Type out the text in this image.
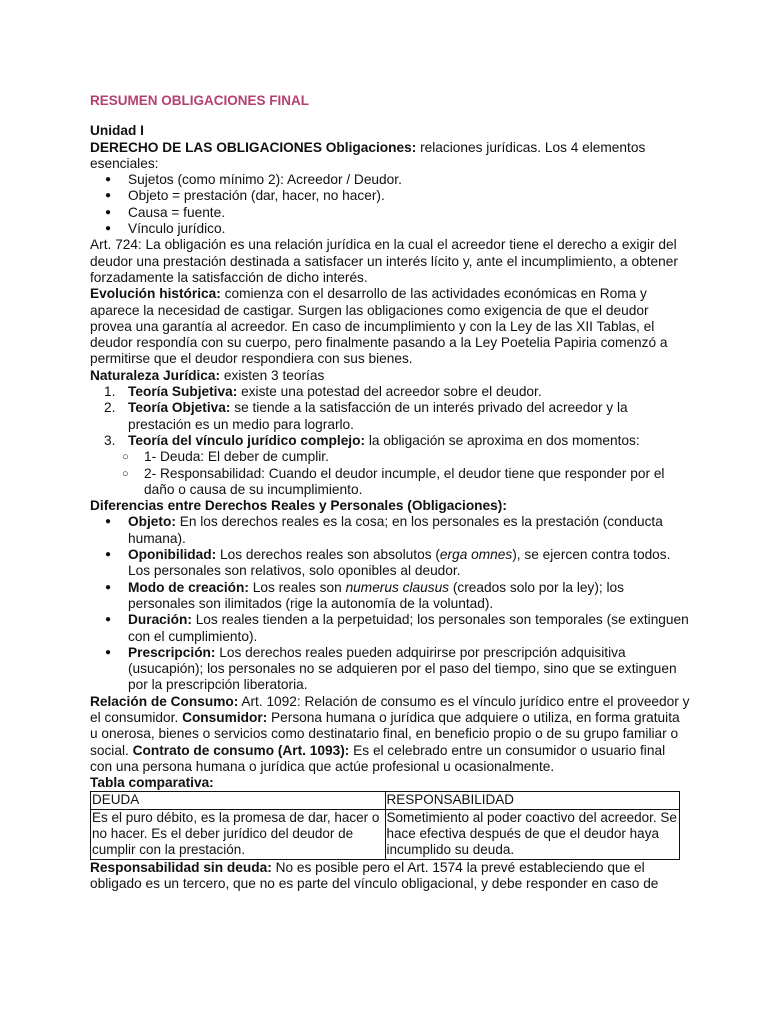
RESUMEN OBLIGACIONES FINAL

Unidad I

DERECHO DE LAS OBLIGACIONES Obligaciones: relaciones jurídicas. Los 4 elementos esenciales:

● Sujetos (como mínimo 2): Acreedor / Deudor.
● Objeto = prestación (dar, hacer, no hacer).
● Causa = fuente.
● Vínculo jurídico.

Art. 724: La obligación es una relación jurídica en la cual el acreedor tiene el derecho a exigir del deudor una prestación destinada a satisfacer un interés lícito y, ante el incumplimiento, a obtener forzadamente la satisfacción de dicho interés.

Evolución histórica: comienza con el desarrollo de las actividades económicas en Roma y aparece la necesidad de castigar. Surgen las obligaciones como exigencia de que el deudor provea una garantía al acreedor. En caso de incumplimiento y con la Ley de las XII Tablas, el deudor respondía con su cuerpo, pero finalmente pasando a la Ley Poetelia Papiria comenzó a permitirse que el deudor respondiera con sus bienes.

Naturaleza Jurídica: existen 3 teorías

1. Teoría Subjetiva: existe una potestad del acreedor sobre el deudor.
2. Teoría Objetiva: se tiende a la satisfacción de un interés privado del acreedor y la prestación es un medio para lograrlo.
3. Teoría del vínculo jurídico complejo: la obligación se aproxima en dos momentos:
○ 1- Deuda: El deber de cumplir.
○ 2- Responsabilidad: Cuando el deudor incumple, el deudor tiene que responder por el daño o causa de su incumplimiento.

Diferencias entre Derechos Reales y Personales (Obligaciones):

● Objeto: En los derechos reales es la cosa; en los personales es la prestación (conducta humana).
● Oponibilidad: Los derechos reales son absolutos (erga omnes), se ejercen contra todos. Los personales son relativos, solo oponibles al deudor.
● Modo de creación: Los reales son numerus clausus (creados solo por la ley); los personales son ilimitados (rige la autonomía de la voluntad).
● Duración: Los reales tienden a la perpetuidad; los personales son temporales (se extinguen con el cumplimiento).
● Prescripción: Los derechos reales pueden adquirirse por prescripción adquisitiva (usucapión); los personales no se adquieren por el paso del tiempo, sino que se extinguen por la prescripción liberatoria.

Relación de Consumo: Art. 1092: Relación de consumo es el vínculo jurídico entre el proveedor y el consumidor. Consumidor: Persona humana o jurídica que adquiere o utiliza, en forma gratuita u onerosa, bienes o servicios como destinatario final, en beneficio propio o de su grupo familiar o social. Contrato de consumo (Art. 1093): Es el celebrado entre un consumidor o usuario final con una persona humana o jurídica que actúe profesional u ocasionalmente.

Tabla comparativa:

DEUDA	RESPONSABILIDAD
Es el puro débito, es la promesa de dar, hacer o no hacer. Es el deber jurídico del deudor de cumplir con la prestación.	Sometimiento al poder coactivo del acreedor. Se hace efectiva después de que el deudor haya incumplido su deuda.

Responsabilidad sin deuda: No es posible pero el Art. 1574 la prevé estableciendo que el obligado es un tercero, que no es parte del vínculo obligacional, y debe responder en caso de
